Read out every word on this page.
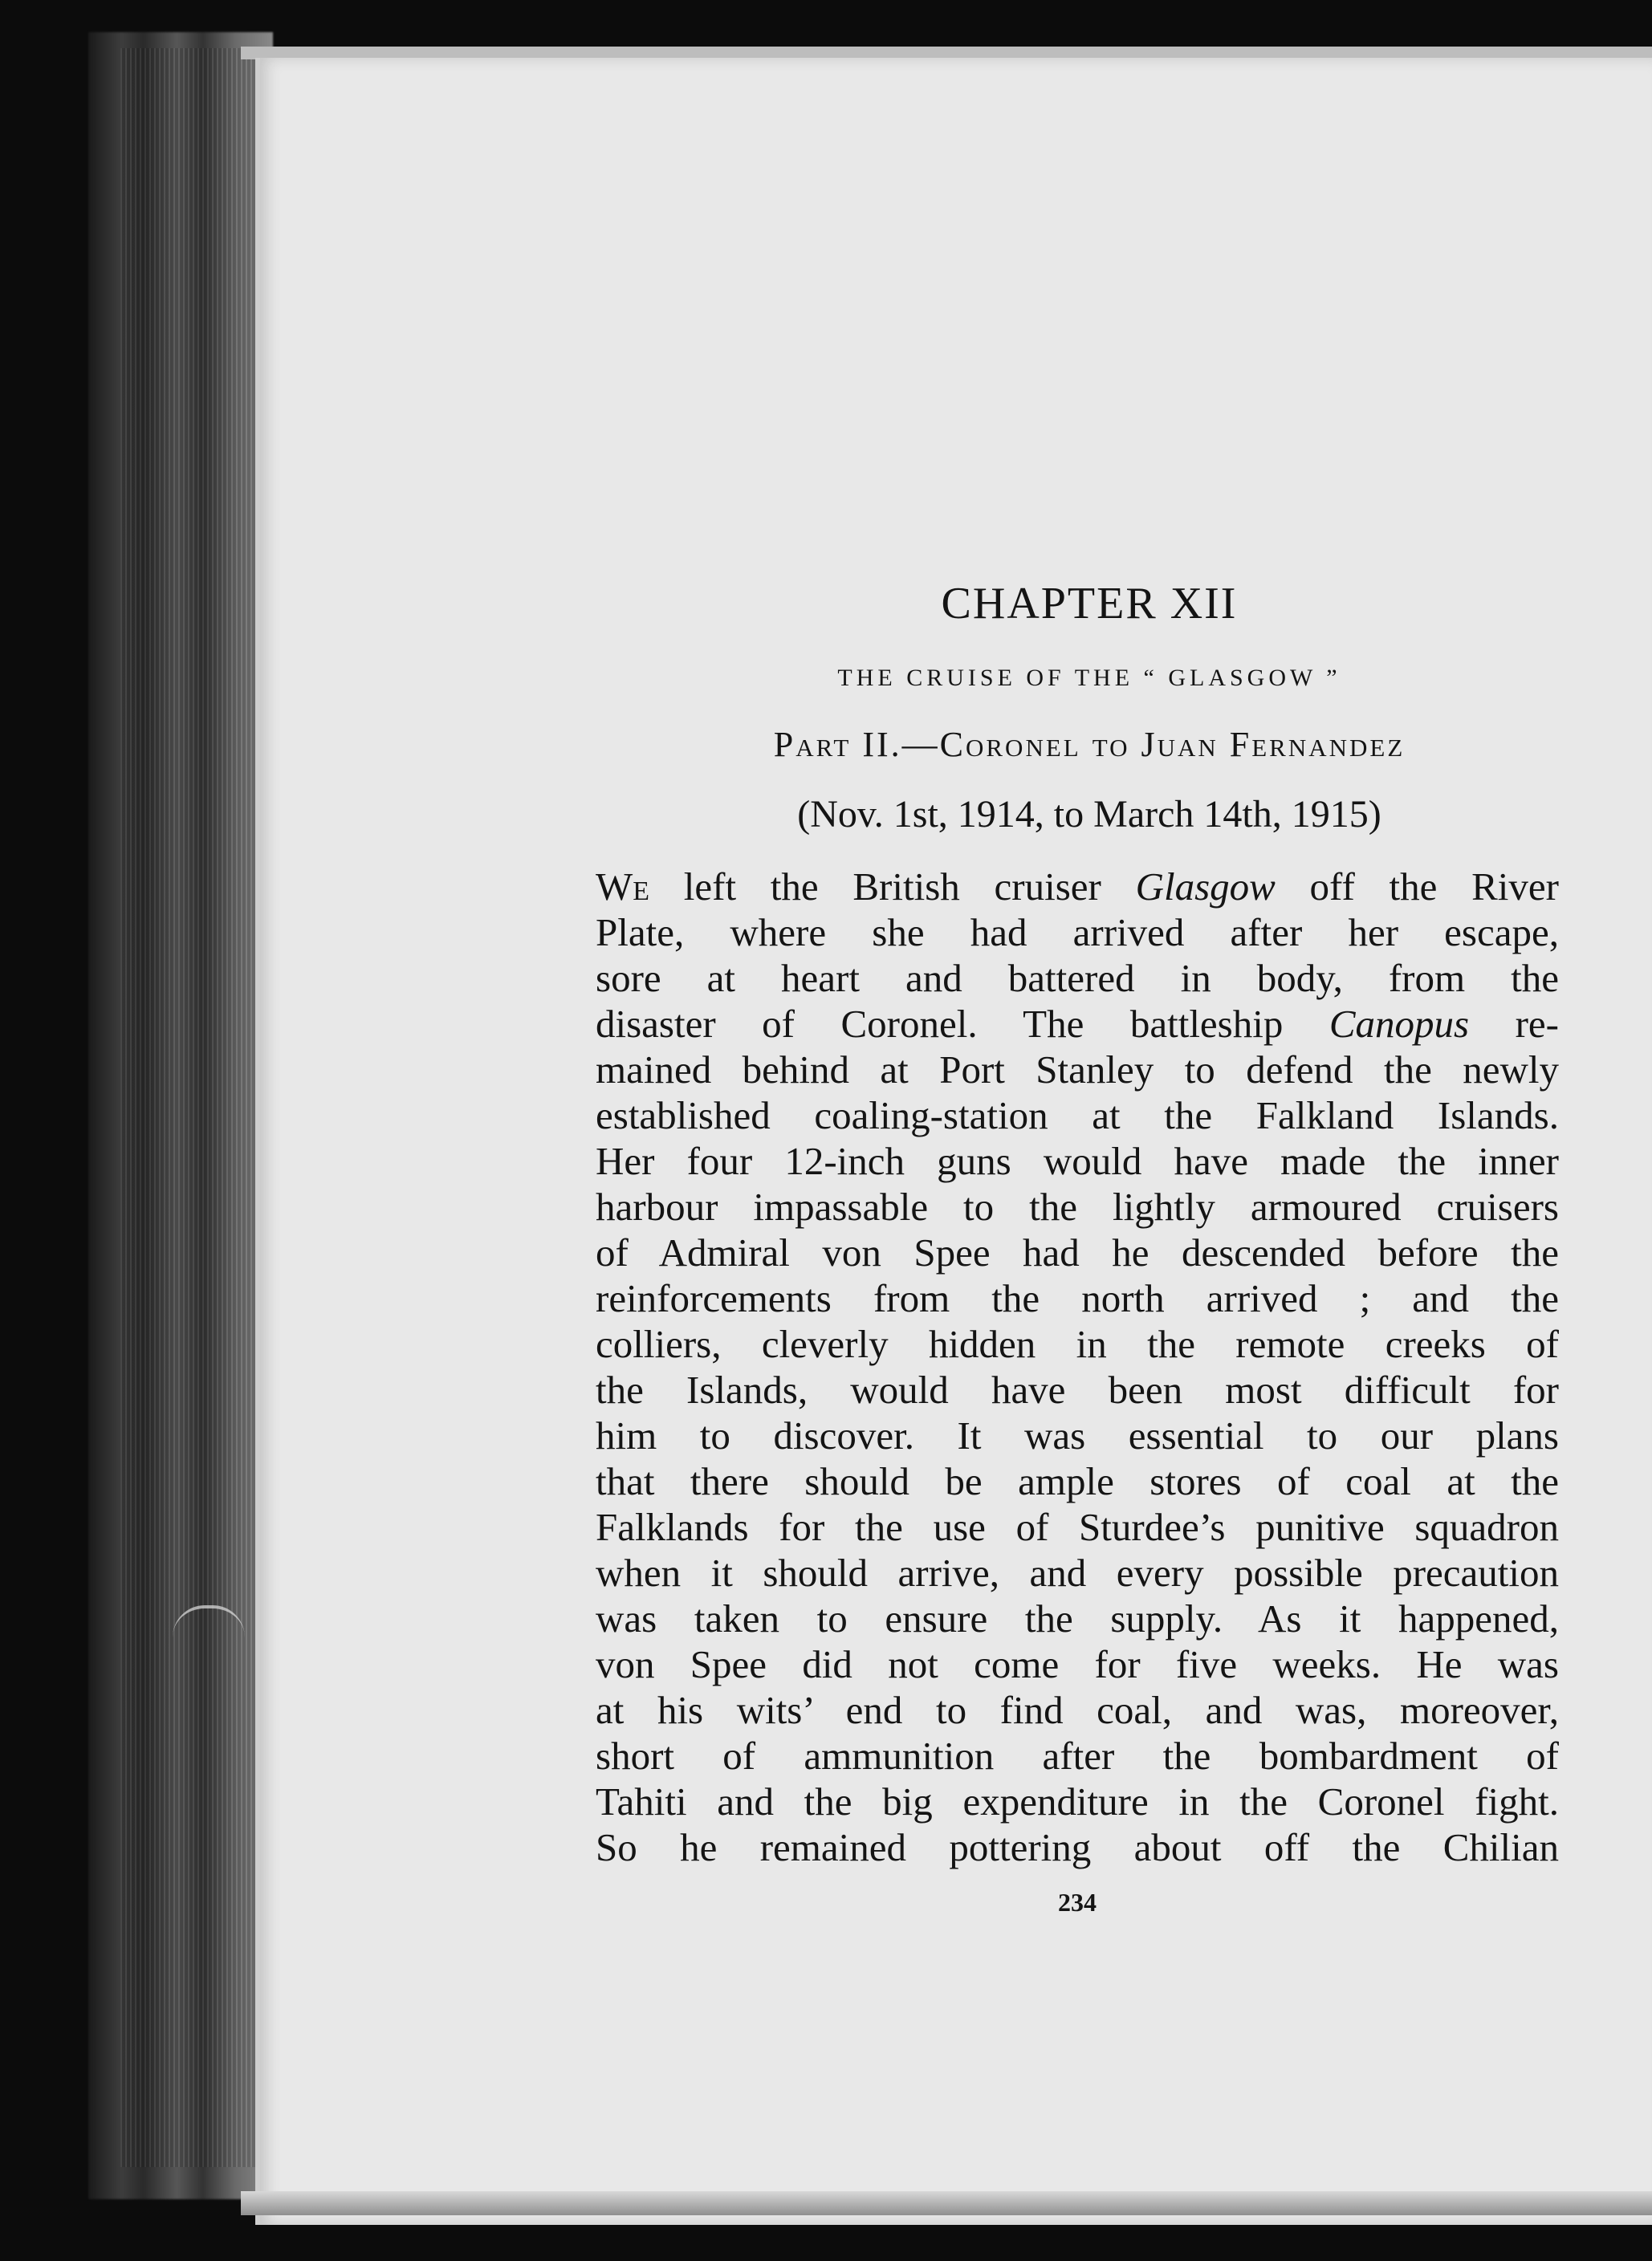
CHAPTER XII
THE CRUISE OF THE “ GLASGOW ”
Part II.—Coronel to Juan Fernandez
(Nov. 1st, 1914, to March 14th, 1915)
We left the British cruiser Glasgow off the River
Plate, where she had arrived after her escape,
sore at heart and battered in body, from the
disaster of Coronel. The battleship Canopus re-
mained behind at Port Stanley to defend the newly
established coaling-station at the Falkland Islands.
Her four 12-inch guns would have made the inner
harbour impassable to the lightly armoured cruisers
of Admiral von Spee had he descended before the
reinforcements from the north arrived ; and the
colliers, cleverly hidden in the remote creeks of
the Islands, would have been most difficult for
him to discover. It was essential to our plans
that there should be ample stores of coal at the
Falklands for the use of Sturdee’s punitive squadron
when it should arrive, and every possible precaution
was taken to ensure the supply. As it happened,
von Spee did not come for five weeks. He was
at his wits’ end to find coal, and was, moreover,
short of ammunition after the bombardment of
Tahiti and the big expenditure in the Coronel fight.
So he remained pottering about off the Chilian
234
